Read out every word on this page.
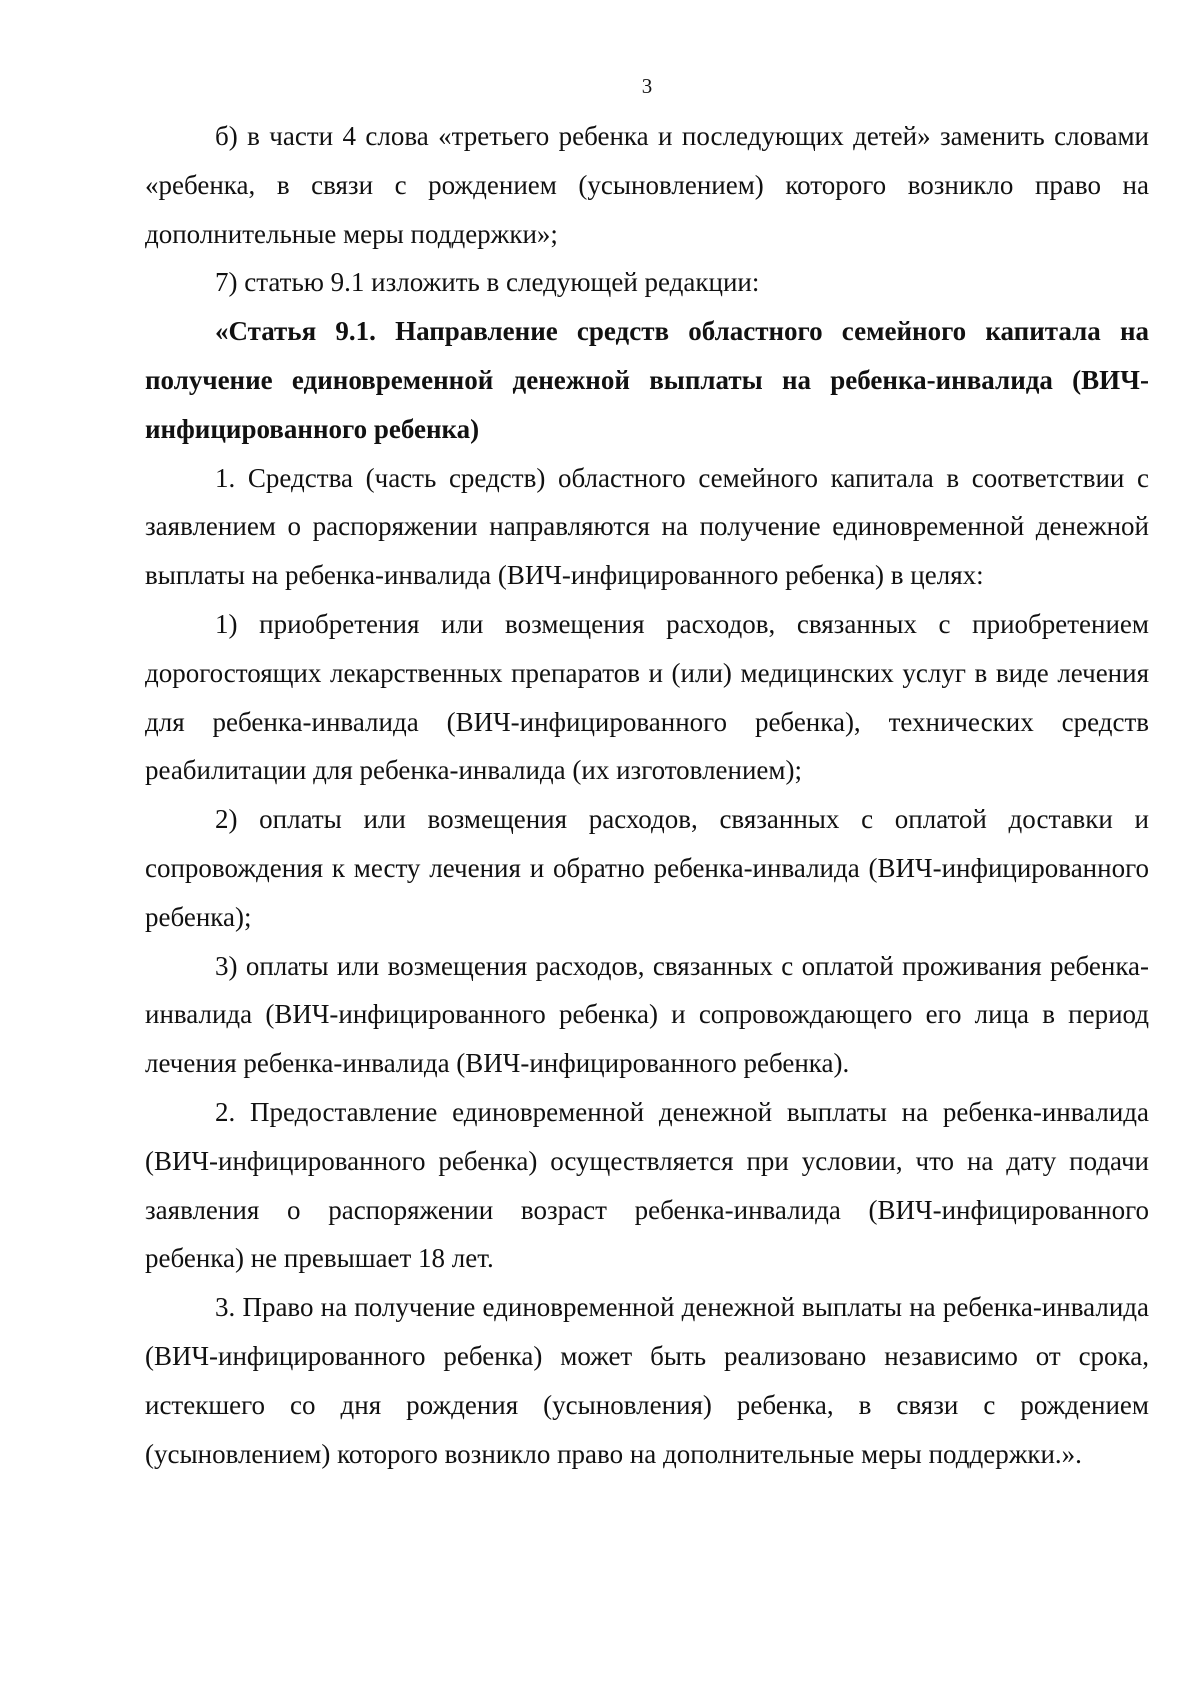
3

б) в части 4 слова «третьего ребенка и последующих детей» заменить словами «ребенка, в связи с рождением (усыновлением) которого возникло право на дополнительные меры поддержки»;

7) статью 9.1 изложить в следующей редакции:

«Статья 9.1. Направление средств областного семейного капитала на получение единовременной денежной выплаты на ребенка-инвалида (ВИЧ-инфицированного ребенка)

1. Средства (часть средств) областного семейного капитала в соответствии с заявлением о распоряжении направляются на получение единовременной денежной выплаты на ребенка-инвалида (ВИЧ-инфицированного ребенка) в целях:

1) приобретения или возмещения расходов, связанных с приобретением дорогостоящих лекарственных препаратов и (или) медицинских услуг в виде лечения для ребенка-инвалида (ВИЧ-инфицированного ребенка), технических средств реабилитации для ребенка-инвалида (их изготовлением);

2) оплаты или возмещения расходов, связанных с оплатой доставки и сопровождения к месту лечения и обратно ребенка-инвалида (ВИЧ-инфицированного ребенка);

3) оплаты или возмещения расходов, связанных с оплатой проживания ребенка-инвалида (ВИЧ-инфицированного ребенка) и сопровождающего его лица в период лечения ребенка-инвалида (ВИЧ-инфицированного ребенка).

2. Предоставление единовременной денежной выплаты на ребенка-инвалида (ВИЧ-инфицированного ребенка) осуществляется при условии, что на дату подачи заявления о распоряжении возраст ребенка-инвалида (ВИЧ-инфицированного ребенка) не превышает 18 лет.

3. Право на получение единовременной денежной выплаты на ребенка-инвалида (ВИЧ-инфицированного ребенка) может быть реализовано независимо от срока, истекшего со дня рождения (усыновления) ребенка, в связи с рождением (усыновлением) которого возникло право на дополнительные меры поддержки.».
